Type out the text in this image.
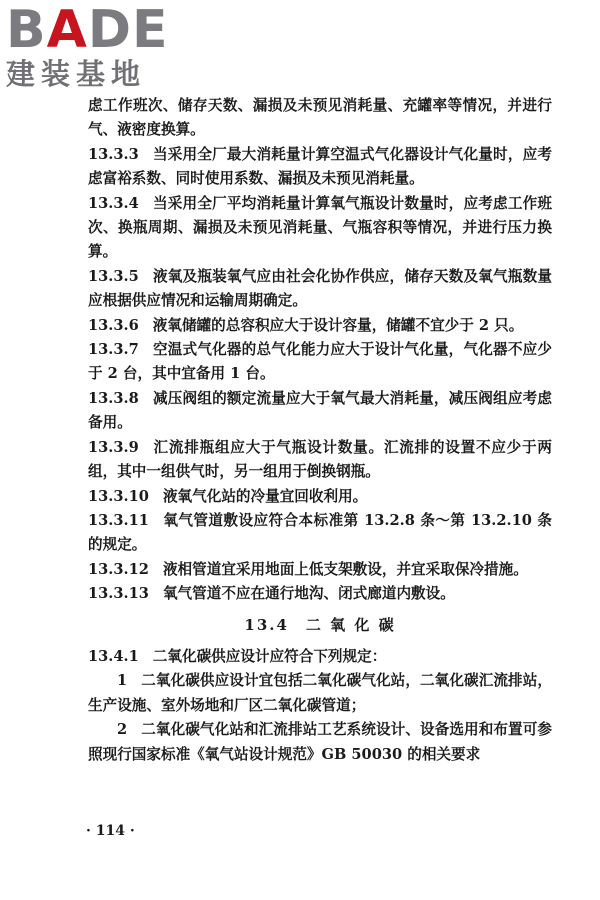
BADE
建装基地

虑工作班次、储存天数、漏损及未预见消耗量、充罐率等情况，并进行气、液密度换算。

13.3.3 当采用全厂最大消耗量计算空温式气化器设计气化量时，应考虑富裕系数、同时使用系数、漏损及未预见消耗量。

13.3.4 当采用全厂平均消耗量计算氧气瓶设计数量时，应考虑工作班次、换瓶周期、漏损及未预见消耗量、气瓶容积等情况，并进行压力换算。

13.3.5 液氧及瓶装氧气应由社会化协作供应，储存天数及氧气瓶数量应根据供应情况和运输周期确定。

13.3.6 液氧储罐的总容积应大于设计容量，储罐不宜少于 2 只。

13.3.7 空温式气化器的总气化能力应大于设计气化量，气化器不应少于 2 台，其中宜备用 1 台。

13.3.8 减压阀组的额定流量应大于氧气最大消耗量，减压阀组应考虑备用。

13.3.9 汇流排瓶组应大于气瓶设计数量。汇流排的设置不应少于两组，其中一组供气时，另一组用于倒换钢瓶。

13.3.10 液氧气化站的冷量宜回收利用。

13.3.11 氧气管道敷设应符合本标准第 13.2.8 条～第 13.2.10 条的规定。

13.3.12 液相管道宜采用地面上低支架敷设，并宜采取保冷措施。

13.3.13 氧气管道不应在通行地沟、闭式廊道内敷设。

13.4　二 氧 化 碳

13.4.1 二氧化碳供应设计应符合下列规定：

1 二氧化碳供应设计宜包括二氧化碳气化站，二氧化碳汇流排站，生产设施、室外场地和厂区二氧化碳管道；

2 二氧化碳气化站和汇流排站工艺系统设计、设备选用和布置可参照现行国家标准《氧气站设计规范》GB 50030 的相关要求

· 114 ·
